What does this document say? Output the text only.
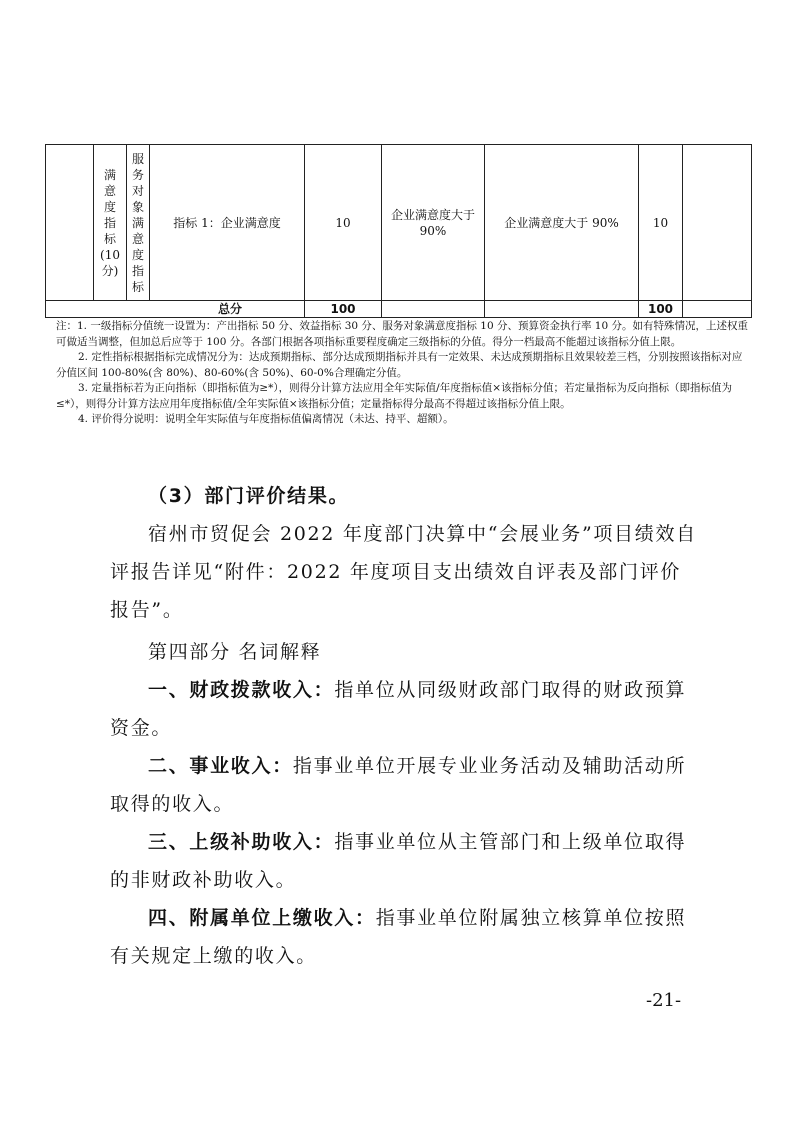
	满意度指标(10分)	服务对象满意度指标	指标 1：企业满意度	10	企业满意度大于 90%	企业满意度大于 90%	10	
总分				100			100	

注：1. 一级指标分值统一设置为：产出指标 50 分、效益指标 30 分、服务对象满意度指标 10 分、预算资金执行率 10 分。如有特殊情况，上述权重可做适当调整，但加总后应等于 100 分。各部门根据各项指标重要程度确定三级指标的分值。得分一档最高不能超过该指标分值上限。

2. 定性指标根据指标完成情况分为：达成预期指标、部分达成预期指标并具有一定效果、未达成预期指标且效果较差三档，分别按照该指标对应分值区间 100-80%(含 80%)、80-60%(含 50%)、60-0%合理确定分值。

3. 定量指标若为正向指标（即指标值为≥*），则得分计算方法应用全年实际值/年度指标值×该指标分值；若定量指标为反向指标（即指标值为≤*），则得分计算方法应用年度指标值/全年实际值×该指标分值；定量指标得分最高不得超过该指标分值上限。

4. 评价得分说明：说明全年实际值与年度指标值偏离情况（未达、持平、超额）。

（3）部门评价结果。

宿州市贸促会 2022 年度部门决算中“会展业务”项目绩效自评报告详见“附件：2022 年度项目支出绩效自评表及部门评价报告”。

第四部分 名词解释

一、财政拨款收入：指单位从同级财政部门取得的财政预算资金。

二、事业收入：指事业单位开展专业业务活动及辅助活动所取得的收入。

三、上级补助收入：指事业单位从主管部门和上级单位取得的非财政补助收入。

四、附属单位上缴收入：指事业单位附属独立核算单位按照有关规定上缴的收入。

-21-
